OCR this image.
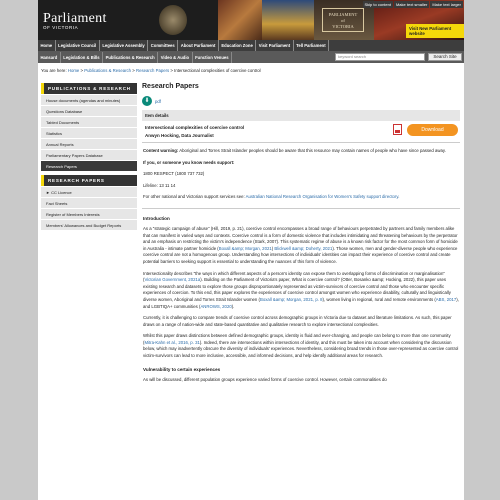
Parliament
OF VICTORIA
PARLIAMENT
of
VICTORIA
Skip to content	Make text smaller	Make text larger
Visit New Parliament website
Home	Legislative Council	Legislative Assembly	Committees	About Parliament	Education Zone	Visit Parliament	Tell Parliament
Hansard	Legislation & Bills	Publications & Research	Video & Audio	Function Venues	keyword search	Search Site
You are here: Home > Publications & Research > Research Papers > Intersectional complexities of coercive control
PUBLICATIONS & RESEARCH
House documents (agendas and minutes)
Questions Database
Tabled Documents
Statistics
Annual Reports
Parliamentary Papers Database
Research Papers
RESEARCH PAPERS
► CC Licence
Fact Sheets
Register of Members Interests
Members' Allowances and Budget Reports
Research Papers
⬇	pdf
Item details
Intersectional complexities of coercive control
Anwyn Hocking, Data Journalist
Download
Content warning: Aboriginal and Torres Strait Islander peoples should be aware that this resource may contain names of people who have since passed away.
If you, or someone you know needs support:
1800 RESPECT (1800 737 732)
Lifeline: 13 11 14
For other national and Victorian support services see: Australian National Research Organisation for Women's Safety support directory.
Introduction
As a "strategic campaign of abuse" (Hill, 2019, p. 21), coercive control encompasses a broad range of behaviours perpetrated by partners and family members alike that can manifest in varied ways and contexts. Coercive control is a form of domestic violence that includes intimidating and threatening behaviours by the perpetrator and an emphasis on restricting the victim's independence (Stark, 2007). This systematic regime of abuse is a known risk factor for the most common form of homicide in Australia - intimate partner homicide (Boxall &amp; Morgan, 2021) Blickwell &amp; Doherty, 2021). Those women, men and gender-diverse people who experience coercive control are not a homogenous group. Understanding how intersections of individuals' identities can impact their experience of coercive control and create potential barriers to seeking support is essential to understanding the nuances of this form of violence.
Intersectionality describes "the ways in which different aspects of a person's identity can expose them to overlapping forms of discrimination or marginalisation" (Victorian Government, 2021a). Building on the Parliament of Victoria's paper, What is coercive control? (Otter, Bosanko &amp; Hocking, 2022), this paper uses existing research and datasets to explore those groups disproportionately represented as victim-survivors of coercive control and those who encounter specific experiences of coercion. To this end, this paper explores the experiences of coercive control amongst women who experience disability, culturally and linguistically diverse women, Aboriginal and Torres Strait Islander women (Boxall &amp; Morgan, 2021, p. 8), women living in regional, rural and remote environments (ABS, 2017), and LGBTIQA+ communities (ANROWS, 2020).
Currently, it is challenging to compare trends of coercive control across demographic groups in Victoria due to dataset and literature limitations. As such, this paper draws on a range of nation-wide and state-based quantitative and qualitative research to explore intersectional complexities.
Whilst this paper draws distinctions between defined demographic groups, identity is fluid and ever-changing, and people can belong to more than one community (Mitra-Kahn et al., 2016, p. 31). Indeed, there are intersections within intersections of identity, and this must be taken into account when considering the discussion below, which may inadvertently obscure the diversity of individuals' experiences. Nevertheless, considering broad trends in those over-represented as coercive control victim-survivors can lead to more inclusive, accessible, and informed decisions, and help identify additional areas for research.
Vulnerability to certain experiences
As will be discussed, different population groups experience varied forms of coercive control. However, certain commonalities do
